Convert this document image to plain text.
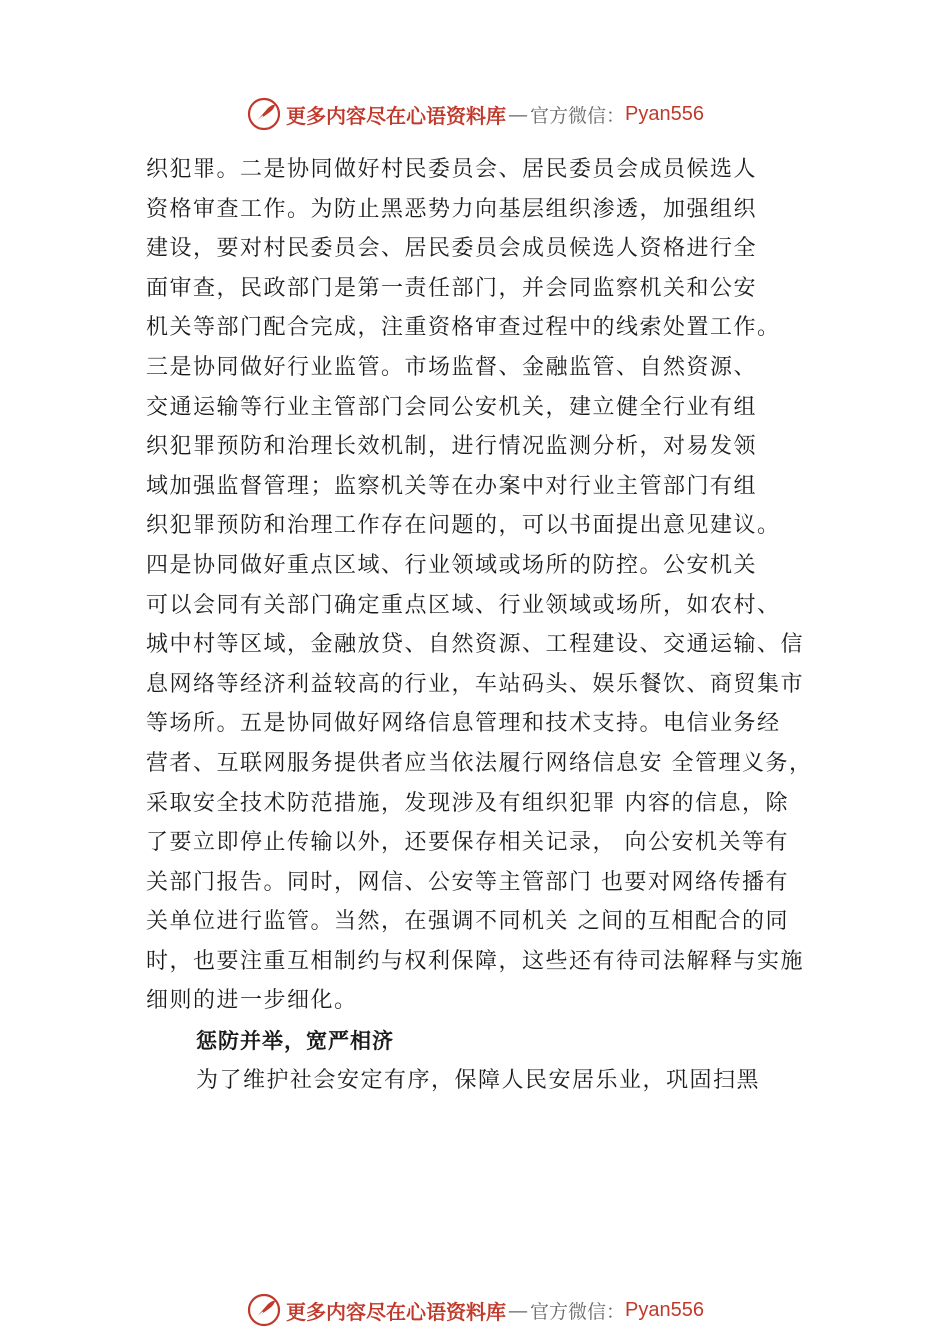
更多内容尽在心语资料库 — 官方微信： Pyan556
织犯罪。二是协同做好村民委员会、居民委员会成员候选人
资格审查工作。为防止黑恶势力向基层组织渗透，加强组织
建设，要对村民委员会、居民委员会成员候选人资格进行全
面审查，民政部门是第一责任部门，并会同监察机关和公安
机关等部门配合完成，注重资格审查过程中的线索处置工作。
三是协同做好行业监管。市场监督、金融监管、自然资源、
交通运输等行业主管部门会同公安机关，建立健全行业有组
织犯罪预防和治理长效机制，进行情况监测分析，对易发领
域加强监督管理；监察机关等在办案中对行业主管部门有组
织犯罪预防和治理工作存在问题的，可以书面提出意见建议。
四是协同做好重点区域、行业领域或场所的防控。公安机关
可以会同有关部门确定重点区域、行业领域或场所，如农村、
城中村等区域，金融放贷、自然资源、工程建设、交通运输、信
息网络等经济利益较高的行业，车站码头、娱乐餐饮、商贸集市
等场所。五是协同做好网络信息管理和技术支持。电信业务经
营者、互联网服务提供者应当依法履行网络信息安 全管理义务，
采取安全技术防范措施，发现涉及有组织犯罪 内容的信息，除
了要立即停止传输以外，还要保存相关记录， 向公安机关等有
关部门报告。同时，网信、公安等主管部门 也要对网络传播有
关单位进行监管。当然，在强调不同机关 之间的互相配合的同
时，也要注重互相制约与权利保障，这些还有待司法解释与实施
细则的进一步细化。
惩防并举，宽严相济
为了维护社会安定有序，保障人民安居乐业，巩固扫黑
更多内容尽在心语资料库 — 官方微信： Pyan556
